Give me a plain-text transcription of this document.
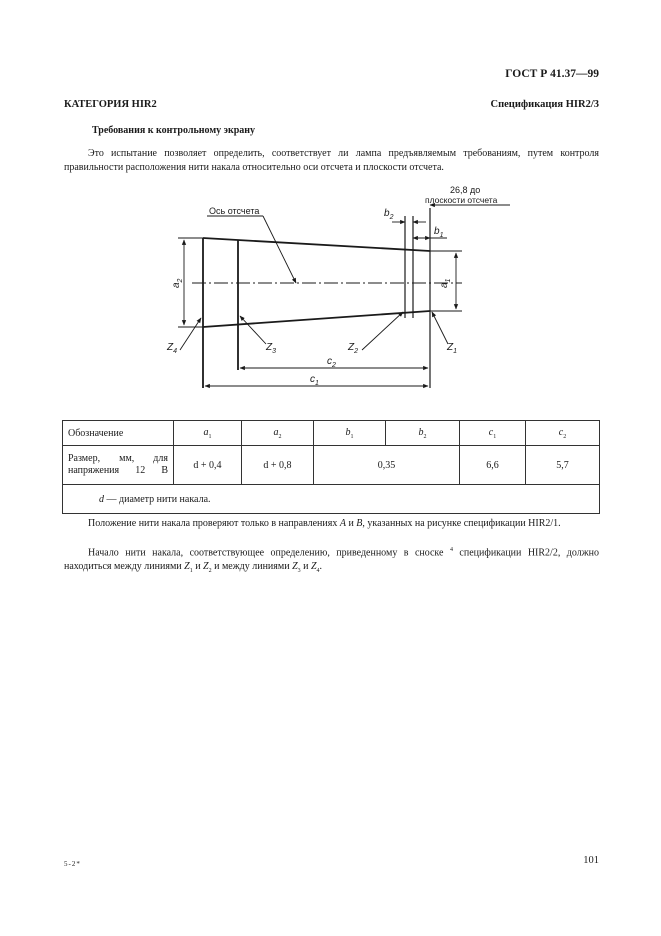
ГОСТ Р 41.37—99
КАТЕГОРИЯ HIR2	Спецификация HIR2/3
Требования к контрольному экрану
Это испытание позволяет определить, соответствует ли лампа предъявляемым требованиям, путем контроля правильности расположения нити накала относительно оси отсчета и плоскости отсчета.
Ось отсчета
26,8 до
плоскости отсчета
$b_2$
$b_1$
$a_2$
$a_1$
$Z_4$	$Z_3$	$Z_2$	$Z_1$
$c_2$
$c_1$
Обозначение	$a_1$	$a_2$	$b_1$	$b_2$	$c_1$	$c_2$
Размер, мм, для напряжения 12 В	d + 0,4	d + 0,8	0,35		6,6	5,7
d — диаметр нити накала.						
Положение нити накала проверяют только в направлениях A и B, указанных на рисунке спецификации HIR2/1.
Начало нити накала, соответствующее определению, приведенному в сноске $^4$ спецификации HIR2/2, должно находиться между линиями $Z_1$ и $Z_2$ и между линиями $Z_3$ и $Z_4$.
5-2*	101
